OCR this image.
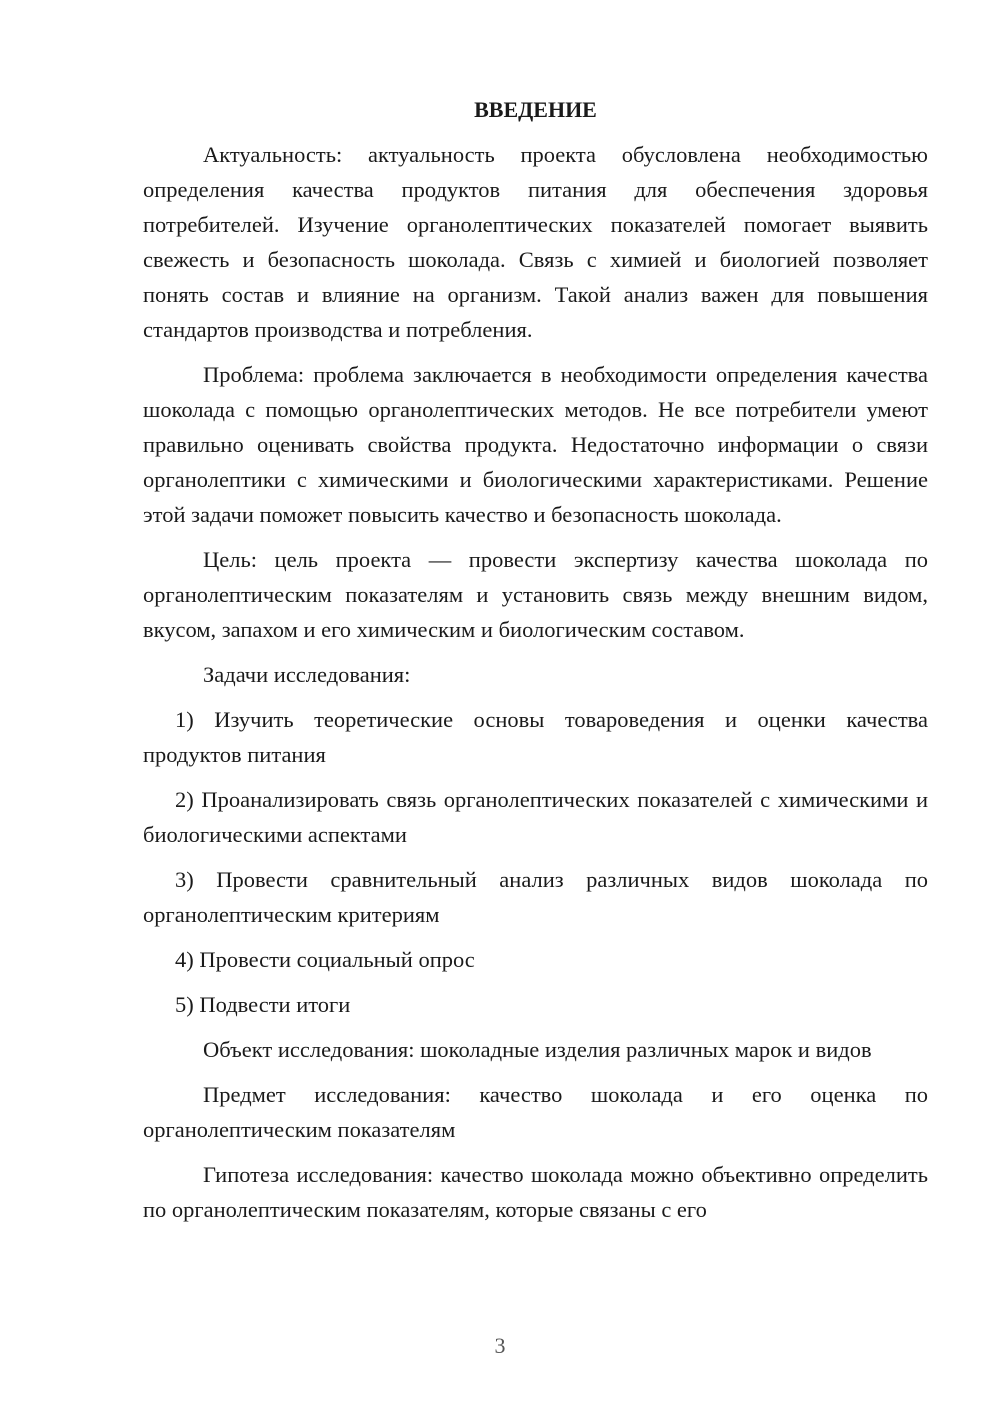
ВВЕДЕНИЕ

Актуальность: актуальность проекта обусловлена необходимостью определения качества продуктов питания для обеспечения здоровья потребителей. Изучение органолептических показателей помогает выявить свежесть и безопасность шоколада. Связь с химией и биологией позволяет понять состав и влияние на организм. Такой анализ важен для повышения стандартов производства и потребления.

Проблема: проблема заключается в необходимости определения качества шоколада с помощью органолептических методов. Не все потребители умеют правильно оценивать свойства продукта. Недостаточно информации о связи органолептики с химическими и биологическими характеристиками. Решение этой задачи поможет повысить качество и безопасность шоколада.

Цель: цель проекта — провести экспертизу качества шоколада по органолептическим показателям и установить связь между внешним видом, вкусом, запахом и его химическим и биологическим составом.

Задачи исследования:

1) Изучить теоретические основы товароведения и оценки качества продуктов питания

2) Проанализировать связь органолептических показателей с химическими и биологическими аспектами

3) Провести сравнительный анализ различных видов шоколада по органолептическим критериям

4) Провести социальный опрос

5) Подвести итоги

Объект исследования: шоколадные изделия различных марок и видов

Предмет исследования: качество шоколада и его оценка по органолептическим показателям

Гипотеза исследования: качество шоколада можно объективно определить по органолептическим показателям, которые связаны с его

3
